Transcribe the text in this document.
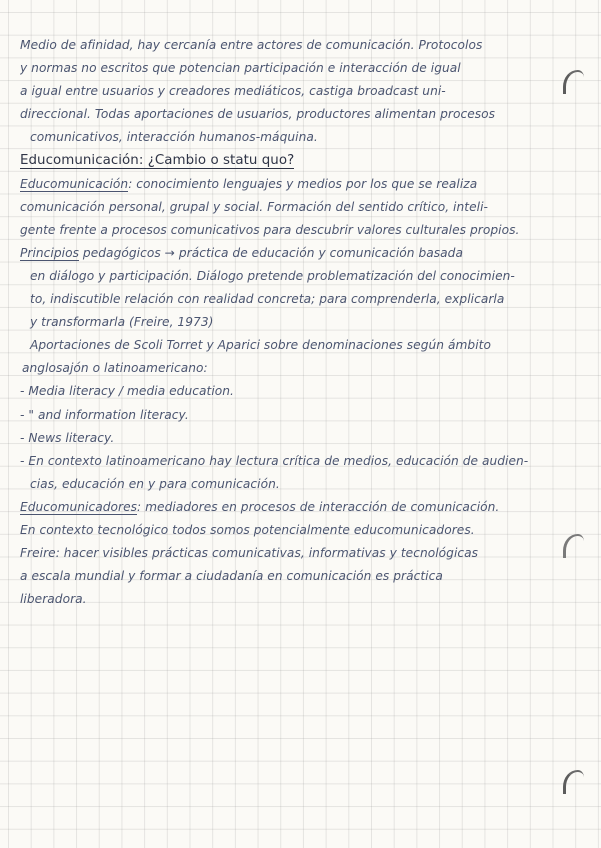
Medio de afinidad, hay cercanía entre actores de comunicación. Protocolos
y normas no escritos que potencian participación e interacción de igual
a igual entre usuarios y creadores mediáticos, castiga broadcast uni-
direccional. Todas aportaciones de usuarios, productores alimentan procesos
comunicativos, interacción humanos-máquina.
Educomunicación: ¿Cambio o statu quo?
Educomunicación: conocimiento lenguajes y medios por los que se realiza
comunicación personal, grupal y social. Formación del sentido crítico, inteli-
gente frente a procesos comunicativos para descubrir valores culturales propios.
Principios pedagógicos → práctica de educación y comunicación basada
en diálogo y participación. Diálogo pretende problematización del conocimien-
to, indiscutible relación con realidad concreta; para comprenderla, explicarla
y transformarla (Freire, 1973)
Aportaciones de Scoli Torret y Aparici sobre denominaciones según ámbito
anglosajón o latinoamericano:
- Media literacy / media education.
- " and information literacy.
- News literacy.
- En contexto latinoamericano hay lectura crítica de medios, educación de audien-
cias, educación en y para comunicación.
Educomunicadores: mediadores en procesos de interacción de comunicación.
En contexto tecnológico todos somos potencialmente educomunicadores.
Freire: hacer visibles prácticas comunicativas, informativas y tecnológicas
a escala mundial y formar a ciudadanía en comunicación es práctica
liberadora.
